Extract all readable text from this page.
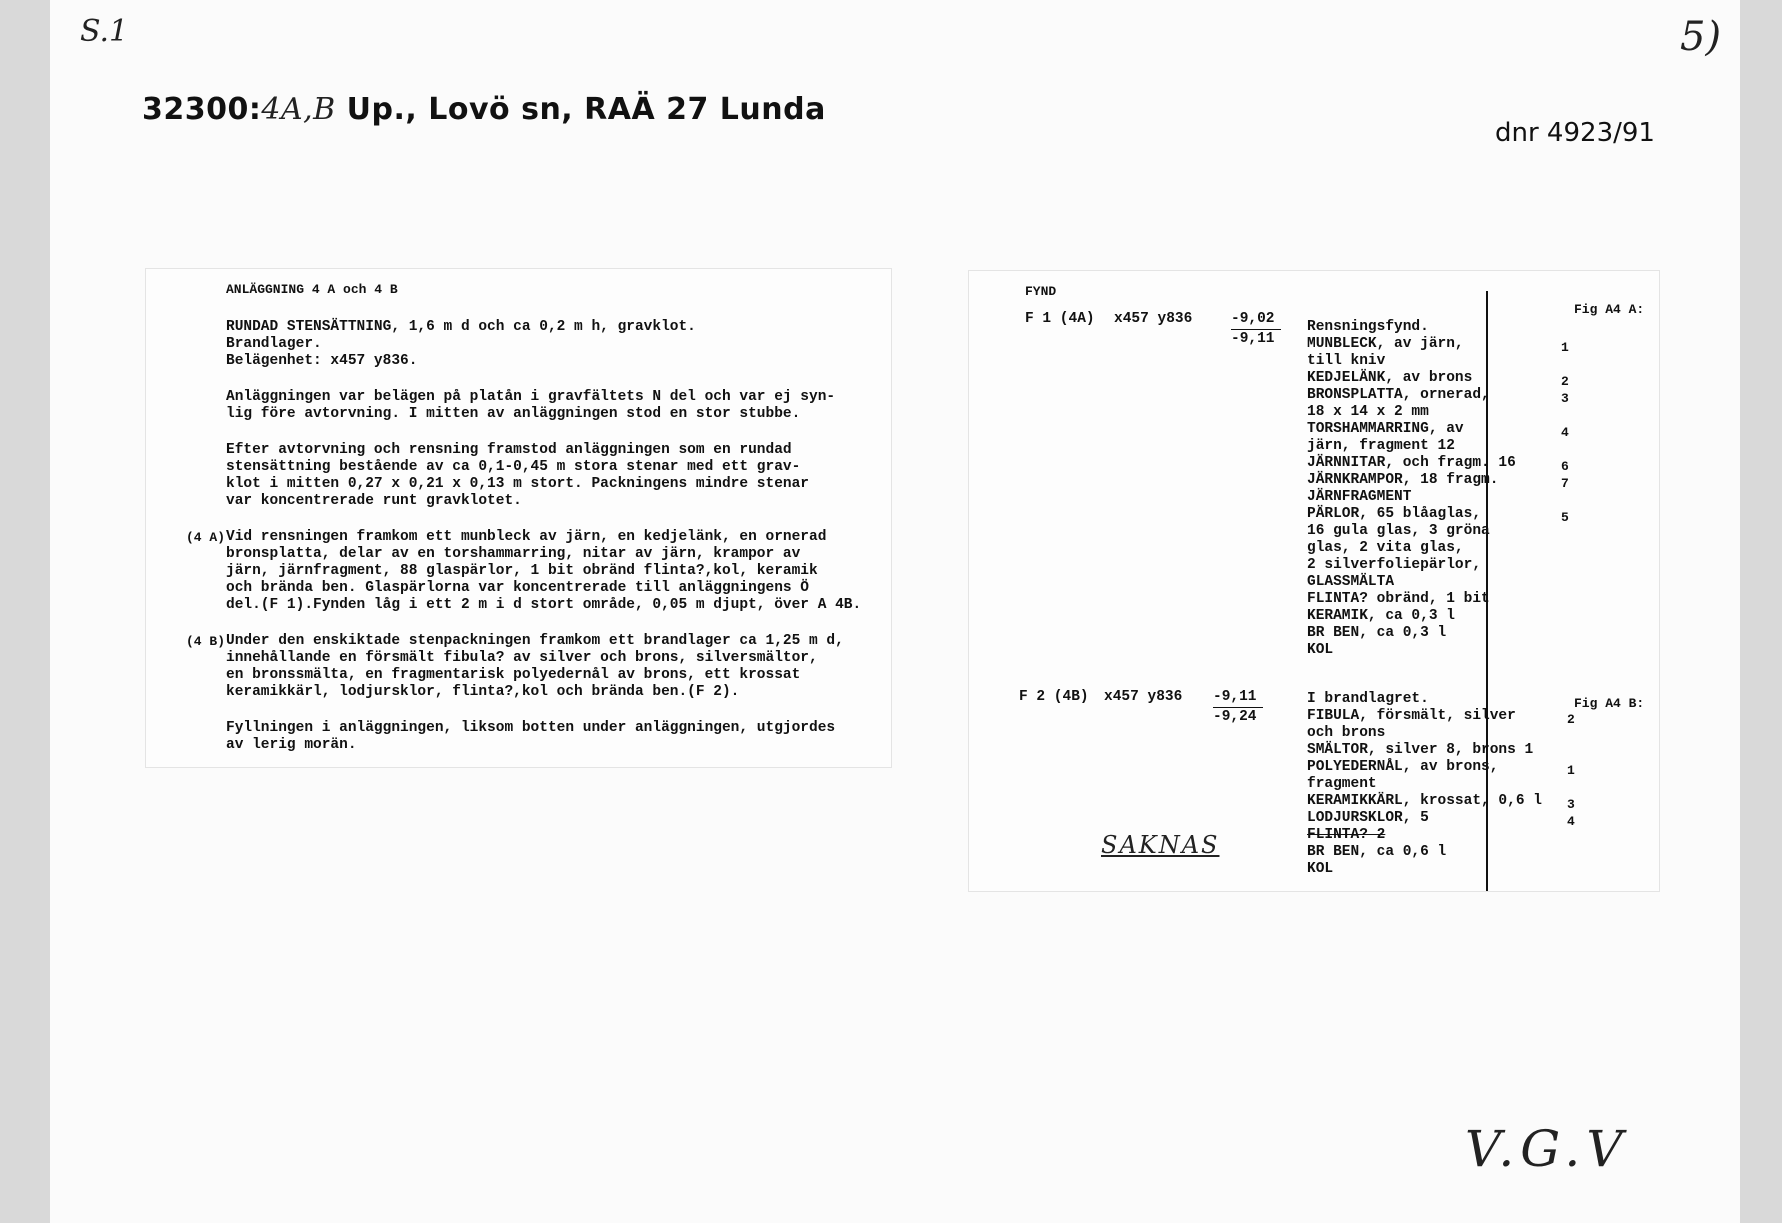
S.1	5)
32300:4A,B Up., Lovö sn, RAÄ 27 Lunda
dnr 4923/91
ANLÄGGNING 4 A och 4 B
RUNDAD STENSÄTTNING, 1,6 m d och ca 0,2 m h, gravklot.
Brandlager.
Belägenhet: x457 y836.
Anläggningen var belägen på platån i gravfältets N del och var ej syn-
lig före avtorvning. I mitten av anläggningen stod en stor stubbe.
Efter avtorvning och rensning framstod anläggningen som en rundad
stensättning bestående av ca 0,1-0,45 m stora stenar med ett grav-
klot i mitten 0,27 x 0,21 x 0,13 m stort. Packningens mindre stenar
var koncentrerade runt gravklotet.
(4 A) Vid rensningen framkom ett munbleck av järn, en kedjelänk, en ornerad
bronsplatta, delar av en torshammarring, nitar av järn, krampor av
järn, järnfragment, 88 glaspärlor, 1 bit obränd flinta?,kol, keramik
och brända ben. Glaspärlorna var koncentrerade till anläggningens Ö
del.(F 1).Fynden låg i ett 2 m i d stort område, 0,05 m djupt, över A 4B.
(4 B) Under den enskiktade stenpackningen framkom ett brandlager ca 1,25 m d,
innehållande en försmält fibula? av silver och brons, silversmältor,
en bronssmälta, en fragmentarisk polyedernål av brons, ett krossat
keramikkärl, lodjursklor, flinta?,kol och brända ben.(F 2).
Fyllningen i anläggningen, liksom botten under anläggningen, utgjordes
av lerig morän.
FYND
Fig A4 A:
F 1 (4A) x457 y836	-9,02
-9,11
Rensningsfynd.
MUNBLECK, av järn,
till kniv
KEDJELÄNK, av brons
BRONSPLATTA, ornerad,
18 x 14 x 2 mm
TORSHAMMARRING, av
järn, fragment 12
JÄRNNITAR, och fragm. 16
JÄRNKRAMPOR, 18 fragm.
JÄRNFRAGMENT
PÄRLOR, 65 blåaglas,
16 gula glas, 3 gröna
glas, 2 vita glas,
2 silverfoliepärlor,
GLASSMÄLTA
FLINTA? obränd, 1 bit
KERAMIK, ca 0,3 l
BR BEN, ca 0,3 l
KOL
1
2
3
4
6
7
5
F 2 (4B) x457 y836 -9,11
-9,24
Fig A4 B:
I brandlagret.
FIBULA, försmält, silver
och brons
SMÄLTOR, silver 8, brons 1
POLYEDERNÅL, av brons,
fragment
KERAMIKKÄRL, krossat, 0,6 l
LODJURSKLOR, 5
FLINTA? 2
BR BEN, ca 0,6 l
KOL
2
1
3
4
SAKNAS
V.G.V
